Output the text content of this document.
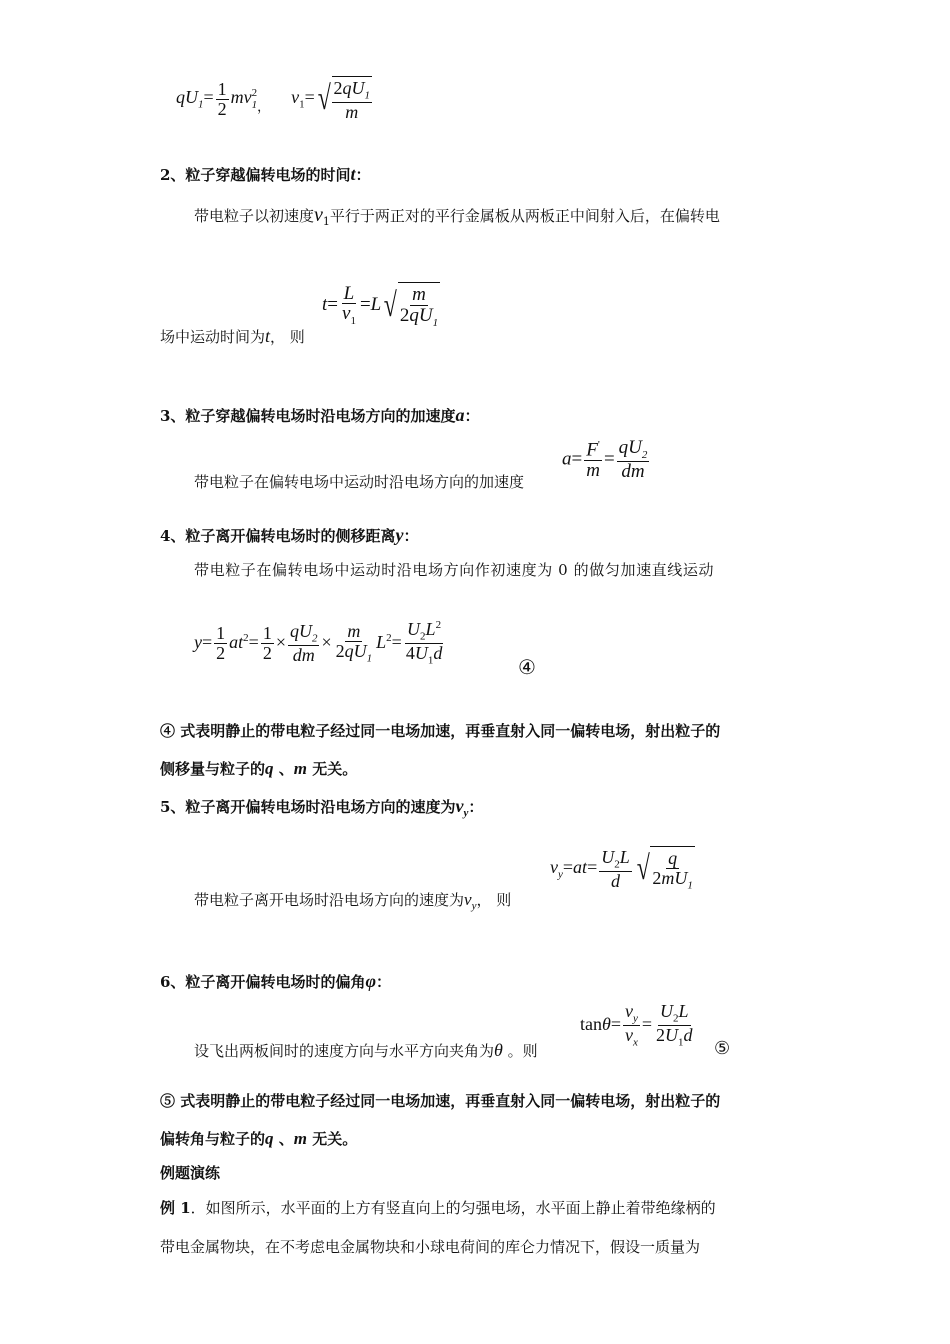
$qU_1= \frac{1}{2}$ mv 2
1 $_,$ $v_1=$ √ $\frac{2qU_1}{m}$
2、粒子穿越偏转电场的时间t：
带电粒子以初速度$v_1$平行于两正对的平行金属板从两板正中间射入后，在偏转电
场中运动时间为t， 则
$t= \frac{L}{v_1} =L$ √ $\frac{m}{2qU_1}$
3、粒子穿越偏转电场时沿电场方向的加速度a：
带电粒子在偏转电场中运动时沿电场方向的加速度
$a= \frac{F'}{m} = \frac{qU_2}{dm}$
4、粒子离开偏转电场时的侧移距离y：
带电粒子在偏转电场中运动时沿电场方向作初速度为 0 的做匀加速直线运动
$y= \frac{1}{2} at^2= \frac{1}{2} \times \frac{qU_2}{dm} \times \frac{m}{2qU_1} L^2= \frac{U_2L^2}{4U_1d}$	④
④ 式表明静止的带电粒子经过同一电场加速，再垂直射入同一偏转电场，射出粒子的
侧移量与粒子的q 、m 无关。
5、粒子离开偏转电场时沿电场方向的速度为$v_y$：
带电粒子离开电场时沿电场方向的速度为$v_y$， 则
$v_y=at= \frac{U_2L}{d}$ √ $\frac{q}{2mU_1}$
6、粒子离开偏转电场时的偏角φ：
设飞出两板间时的速度方向与水平方向夹角为θ 。则
$\tan\theta= \frac{v_y}{v_x} = \frac{U_2L}{2U_1d}$ ⑤
⑤ 式表明静止的带电粒子经过同一电场加速，再垂直射入同一偏转电场，射出粒子的
偏转角与粒子的q 、m 无关。
例题演练
例 1．如图所示，水平面的上方有竖直向上的匀强电场，水平面上静止着带绝缘柄的
带电金属物块，在不考虑电金属物块和小球电荷间的库仑力情况下，假设一质量为
